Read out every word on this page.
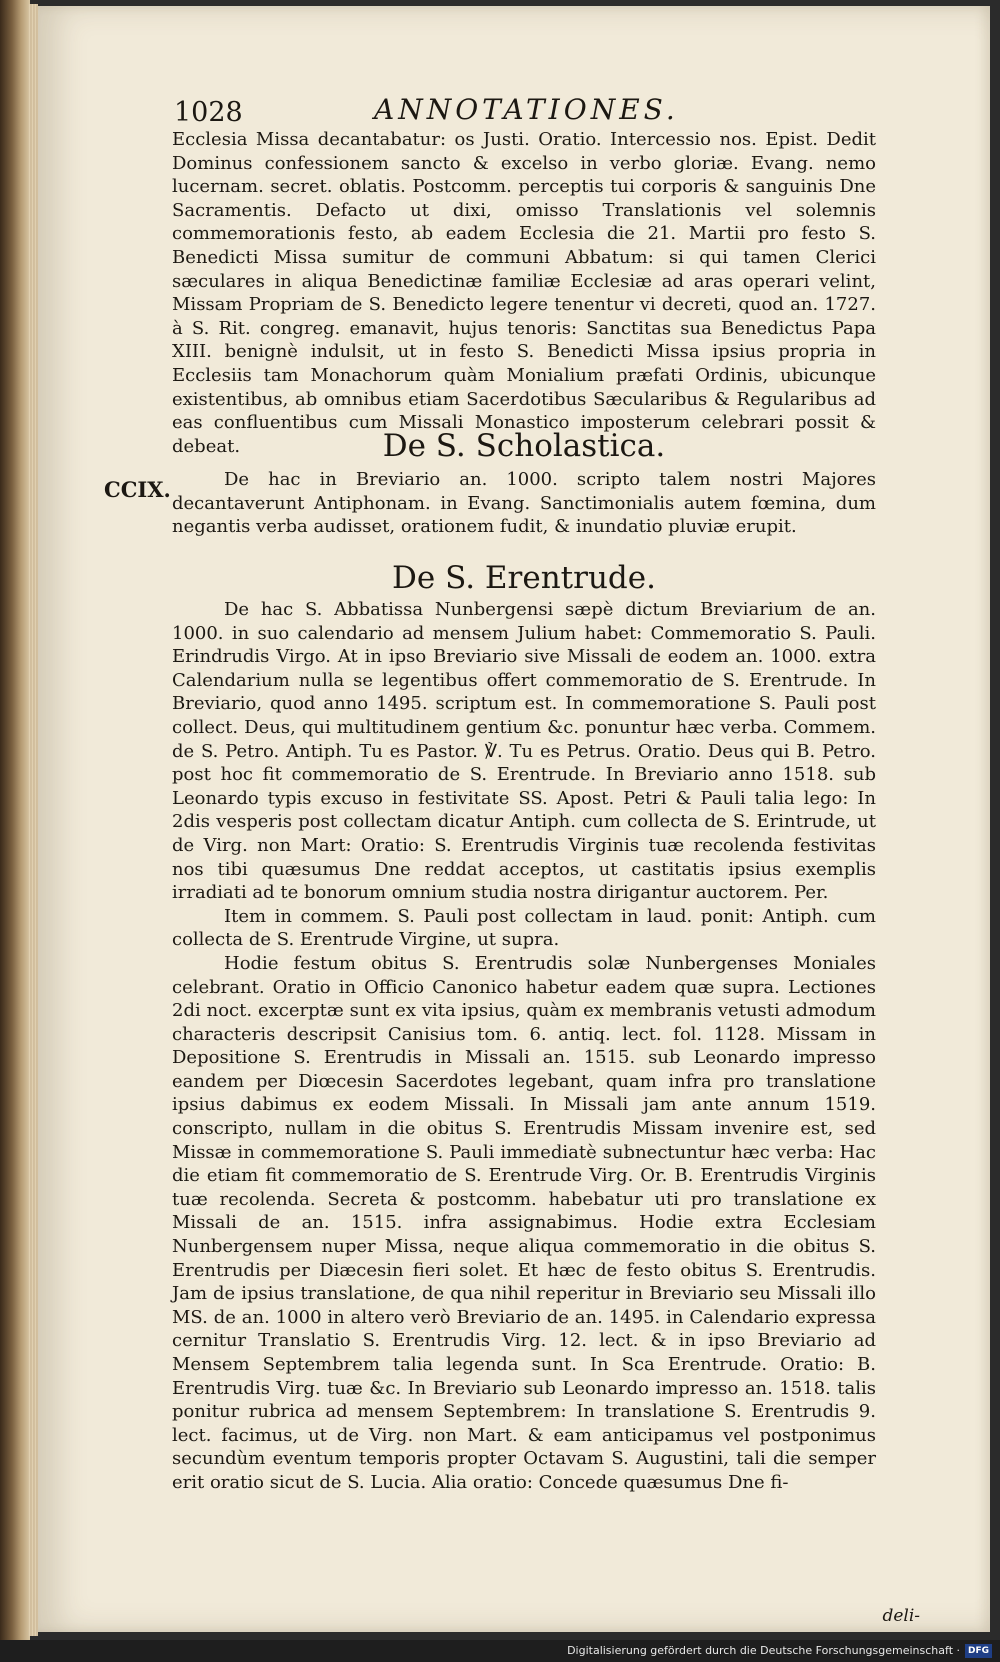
1028	ANNOTATIONES.

Ecclesia Missa decantabatur: os Justi. Oratio. Intercessio nos. Epist. Dedit Dominus confessionem sancto & excelso in verbo gloriæ. Evang. nemo lucernam. secret. oblatis. Postcomm. perceptis tui corporis & sanguinis Dne Sacramentis. Defacto ut dixi, omisso Translationis vel solemnis commemorationis festo, ab eadem Ecclesia die 21. Martii pro festo S. Benedicti Missa sumitur de communi Abbatum: si qui tamen Clerici sæculares in aliqua Benedictinæ familiæ Ecclesiæ ad aras operari velint, Missam Propriam de S. Benedicto legere tenentur vi decreti, quod an. 1727. à S. Rit. congreg. emanavit, hujus tenoris: Sanctitas sua Benedictus Papa XIII. benignè indulsit, ut in festo S. Benedicti Missa ipsius propria in Ecclesiis tam Monachorum quàm Monialium præfati Ordinis, ubicunque existentibus, ab omnibus etiam Sacerdotibus Sæcularibus & Regularibus ad eas confluentibus cum Missali Monastico imposterum celebrari possit & debeat.	De S. Scholastica.
CCIX.	De hac in Breviario an. 1000. scripto talem nostri Majores decantaverunt Antiphonam. in Evang. Sanctimonialis autem fœmina, dum negantis verba audisset, orationem fudit, & inundatio pluviæ erupit.

De S. Erentrude.

De hac S. Abbatissa Nunbergensi sæpè dictum Breviarium de an. 1000. in suo calendario ad mensem Julium habet: Commemoratio S. Pauli. Erindrudis Virgo. At in ipso Breviario sive Missali de eodem an. 1000. extra Calendarium nulla se legentibus offert commemoratio de S. Erentrude. In Breviario, quod anno 1495. scriptum est. In commemoratione S. Pauli post collect. Deus, qui multitudinem gentium &c. ponuntur hæc verba. Commem. de S. Petro. Antiph. Tu es Pastor. ℣. Tu es Petrus. Oratio. Deus qui B. Petro. post hoc fit commemoratio de S. Erentrude. In Breviario anno 1518. sub Leonardo typis excuso in festivitate SS. Apost. Petri & Pauli talia lego: In 2dis vesperis post collectam dicatur Antiph. cum collecta de S. Erintrude, ut de Virg. non Mart: Oratio: S. Erentrudis Virginis tuæ recolenda festivitas nos tibi quæsumus Dne reddat acceptos, ut castitatis ipsius exemplis irradiati ad te bonorum omnium studia nostra dirigantur auctorem. Per.

Item in commem. S. Pauli post collectam in laud. ponit: Antiph. cum collecta de S. Erentrude Virgine, ut supra.

Hodie festum obitus S. Erentrudis solæ Nunbergenses Moniales celebrant. Oratio in Officio Canonico habetur eadem quæ supra. Lectiones 2di noct. excerptæ sunt ex vita ipsius, quàm ex membranis vetusti admodum characteris descripsit Canisius tom. 6. antiq. lect. fol. 1128. Missam in Depositione S. Erentrudis in Missali an. 1515. sub Leonardo impresso eandem per Diœcesin Sacerdotes legebant, quam infra pro translatione ipsius dabimus ex eodem Missali. In Missali jam ante annum 1519. conscripto, nullam in die obitus S. Erentrudis Missam invenire est, sed Missæ in commemoratione S. Pauli immediatè subnectuntur hæc verba: Hac die etiam fit commemoratio de S. Erentrude Virg. Or. B. Erentrudis Virginis tuæ recolenda. Secreta & postcomm. habebatur uti pro translatione ex Missali de an. 1515. infra assignabimus. Hodie extra Ecclesiam Nunbergensem nuper Missa, neque aliqua commemoratio in die obitus S. Erentrudis per Diæcesin fieri solet. Et hæc de festo obitus S. Erentrudis. Jam de ipsius translatione, de qua nihil reperitur in Breviario seu Missali illo MS. de an. 1000 in altero verò Breviario de an. 1495. in Calendario expressa cernitur Translatio S. Erentrudis Virg. 12. lect. & in ipso Breviario ad Mensem Septembrem talia legenda sunt. In Sca Erentrude. Oratio: B. Erentrudis Virg. tuæ &c. In Breviario sub Leonardo impresso an. 1518. talis ponitur rubrica ad mensem Septembrem: In translatione S. Erentrudis 9. lect. facimus, ut de Virg. non Mart. & eam anticipamus vel postponimus secundùm eventum temporis propter Octavam S. Augustini, tali die semper erit oratio sicut de S. Lucia. Alia oratio: Concede quæsumus Dne fi-

deli-
Digitalisierung gefördert durch die Deutsche Forschungsgemeinschaft · DFG
